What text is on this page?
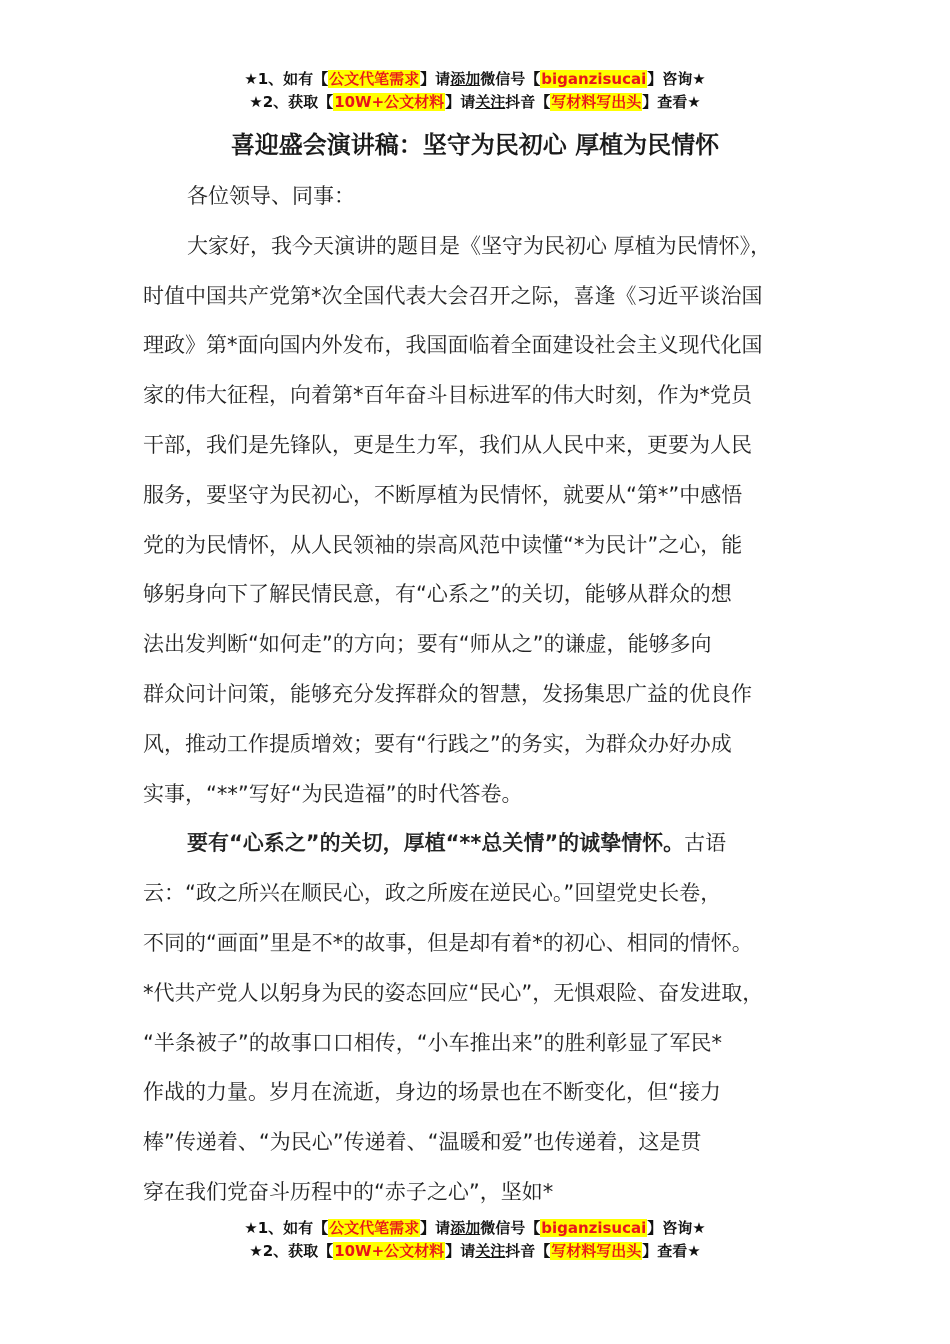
★1、如有【公文代笔需求】请添加微信号【biganzisucai】咨询★
★2、获取【10W+公文材料】请关注抖音【写材料写出头】查看★
喜迎盛会演讲稿：坚守为民初心 厚植为民情怀

各位领导、同事：

大家好，我今天演讲的题目是《坚守为民初心 厚植为民情怀》，
时值中国共产党第*次全国代表大会召开之际，喜逢《习近平谈治国
理政》第*面向国内外发布，我国面临着全面建设社会主义现代化国
家的伟大征程，向着第*百年奋斗目标进军的伟大时刻，作为*党员
干部，我们是先锋队，更是生力军，我们从人民中来，更要为人民
服务，要坚守为民初心，不断厚植为民情怀，就要从“第*”中感悟
党的为民情怀，从人民领袖的崇高风范中读懂“*为民计”之心，能
够躬身向下了解民情民意，有“心系之”的关切，能够从群众的想
法出发判断“如何走”的方向；要有“师从之”的谦虚，能够多向
群众问计问策，能够充分发挥群众的智慧，发扬集思广益的优良作
风，推动工作提质增效；要有“行践之”的务实，为群众办好办成
实事，“**”写好“为民造福”的时代答卷。

要有“心系之”的关切，厚植“**总关情”的诚挚情怀。古语
云：“政之所兴在顺民心，政之所废在逆民心。”回望党史长卷，
不同的“画面”里是不*的故事，但是却有着*的初心、相同的情怀。
*代共产党人以躬身为民的姿态回应“民心”，无惧艰险、奋发进取，
“半条被子”的故事口口相传，“小车推出来”的胜利彰显了军民*
作战的力量。岁月在流逝，身边的场景也在不断变化，但“接力
棒”传递着、“为民心”传递着、“温暖和爱”也传递着，这是贯
穿在我们党奋斗历程中的“赤子之心”，坚如*

★1、如有【公文代笔需求】请添加微信号【biganzisucai】咨询★
★2、获取【10W+公文材料】请关注抖音【写材料写出头】查看★
